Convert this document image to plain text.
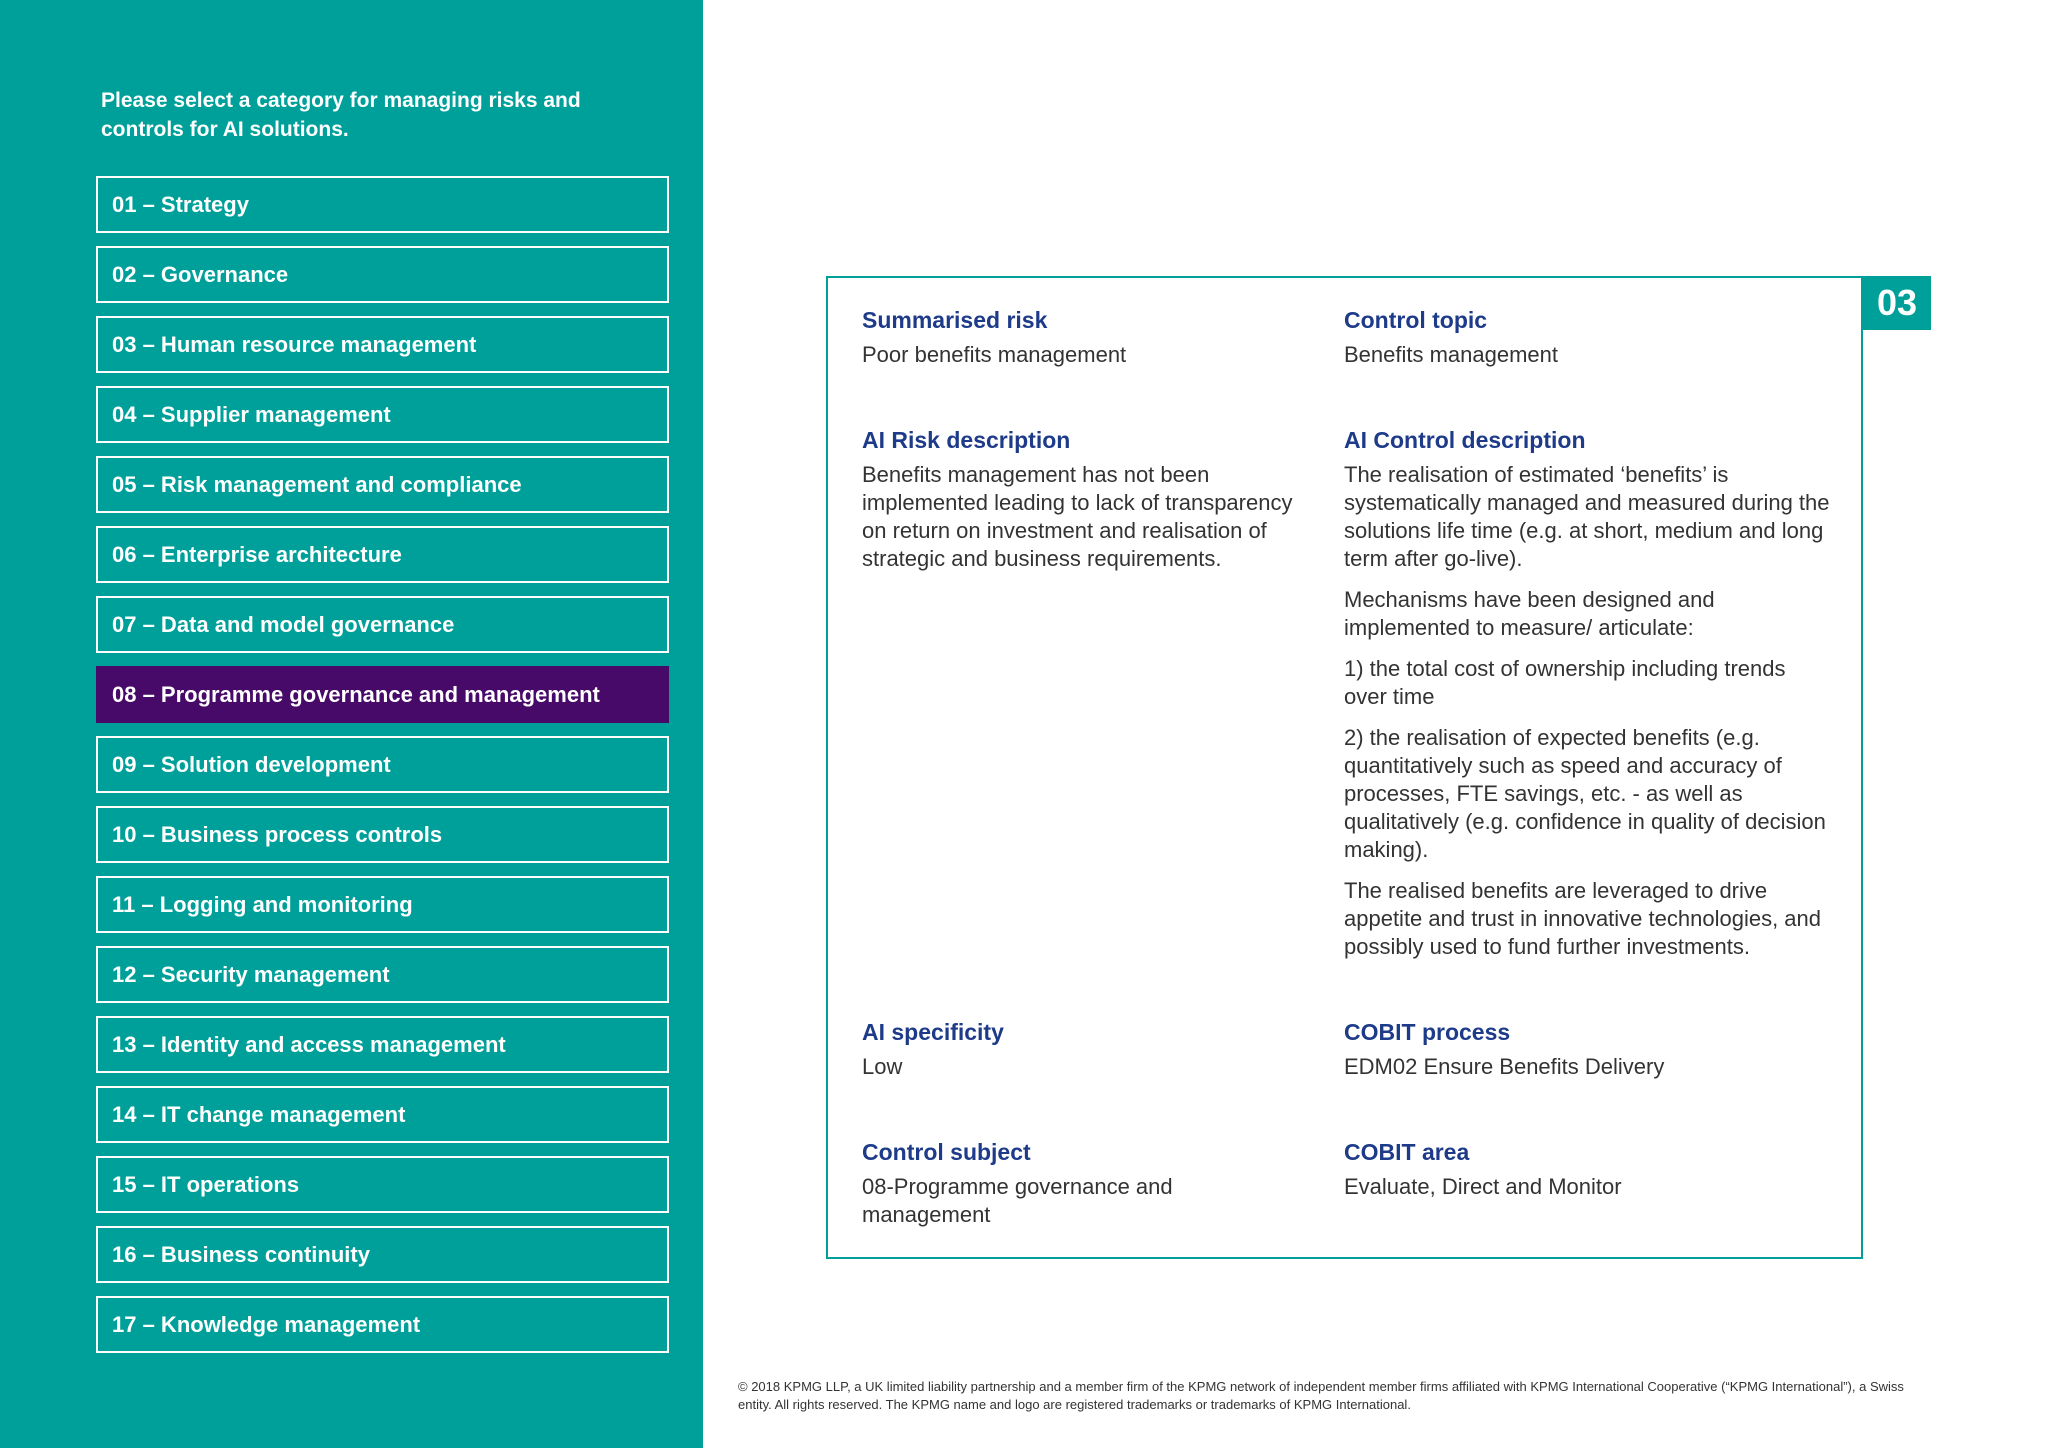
Please select a category for managing risks and controls for AI solutions.
01 – Strategy
02 – Governance
03 – Human resource management
04 – Supplier management
05 – Risk management and compliance
06 – Enterprise architecture
07 – Data and model governance
08 – Programme governance and management
09 – Solution development
10 – Business process controls
11 – Logging and monitoring
12 – Security management
13 – Identity and access management
14 – IT change management
15 – IT operations
16 – Business continuity
17 – Knowledge management
Summarised risk
Poor benefits management
Control topic
Benefits management
AI Risk description
Benefits management has not been implemented leading to lack of transparency on return on investment and realisation of strategic and business requirements.
AI Control description

The realisation of estimated ‘benefits’ is systematically managed and measured during the solutions life time (e.g. at short, medium and long term after go-live).

Mechanisms have been designed and implemented to measure/ articulate:

1) the total cost of ownership including trends over time

2) the realisation of expected benefits (e.g. quantitatively such as speed and accuracy of processes, FTE savings, etc. - as well as qualitatively (e.g. confidence in quality of decision making).

The realised benefits are leveraged to drive appetite and trust in innovative technologies, and possibly used to fund further investments.

AI specificity
Low
COBIT process
EDM02 Ensure Benefits Delivery
Control subject
08-Programme governance and management
COBIT area
Evaluate, Direct and Monitor
03
© 2018 KPMG LLP, a UK limited liability partnership and a member firm of the KPMG network of independent member firms affiliated with KPMG International Cooperative (“KPMG International”), a Swiss entity. All rights reserved. The KPMG name and logo are registered trademarks or trademarks of KPMG International.
